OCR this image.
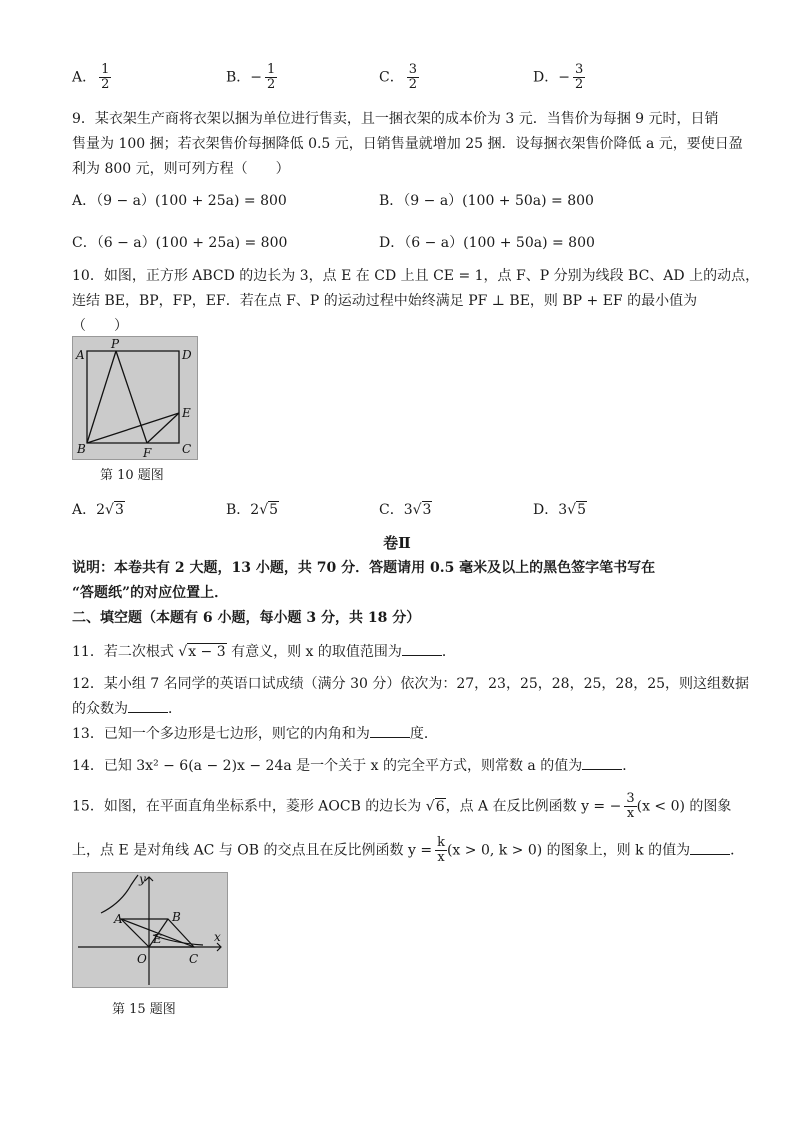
A． $\frac{1}{2}$	B．− $\frac{1}{2}$	C． $\frac{3}{2}$	D．− $\frac{3}{2}$
9．某衣架生产商将衣架以捆为单位进行售卖，且一捆衣架的成本价为 3 元．当售价为每捆 9 元时，日销
售量为 100 捆；若衣架售价每捆降低 0.5 元，日销售量就增加 25 捆．设每捆衣架售价降低 a 元，要使日盈
利为 800 元，则可列方程（　　）
A．（9 − a）(100 + 25a) = 800	B．（9 − a）(100 + 50a) = 800
C．（6 − a）(100 + 25a) = 800	D．（6 − a）(100 + 50a) = 800
10．如图，正方形 ABCD 的边长为 3，点 E 在 CD 上且 CE = 1，点 F、P 分别为线段 BC、AD 上的动点，
连结 BE，BP，FP，EF．若在点 F、P 的运动过程中始终满足 PF ⊥ BE，则 BP + EF 的最小值为
（　　）
A
P
D
E
B	F	C
第 10 题图
A．2√3	B．2√5	C．3√3	D．3√5
卷Ⅱ
说明：本卷共有 2 大题，13 小题，共 70 分．答题请用 0.5 毫米及以上的黑色签字笔书写在
“答题纸”的对应位置上．
二、填空题（本题有 6 小题，每小题 3 分，共 18 分）
11．若二次根式 √x − 3 有意义，则 x 的取值范围为	．
12．某小组 7 名同学的英语口试成绩（满分 30 分）依次为：27，23，25，28，25，28，25，则这组数据
的众数为	．
13．已知一个多边形是七边形，则它的内角和为	度．
14．已知 3x² − 6(a − 2)x − 24a 是一个关于 x 的完全平方式，则常数 a 的值为	．
15．如图，在平面直角坐标系中，菱形 AOCB 的边长为 √6，点 A 在反比例函数 y = − $\frac{3}{x} (x < 0)$ 的图象
上，点 E 是对角线 AC 与 OB 的交点且在反比例函数 $y = \frac{k}{x} (x > 0$, k > 0) 的图象上，则 k 的值为	．
y
A	B
E	x
O	C
第 15 题图
